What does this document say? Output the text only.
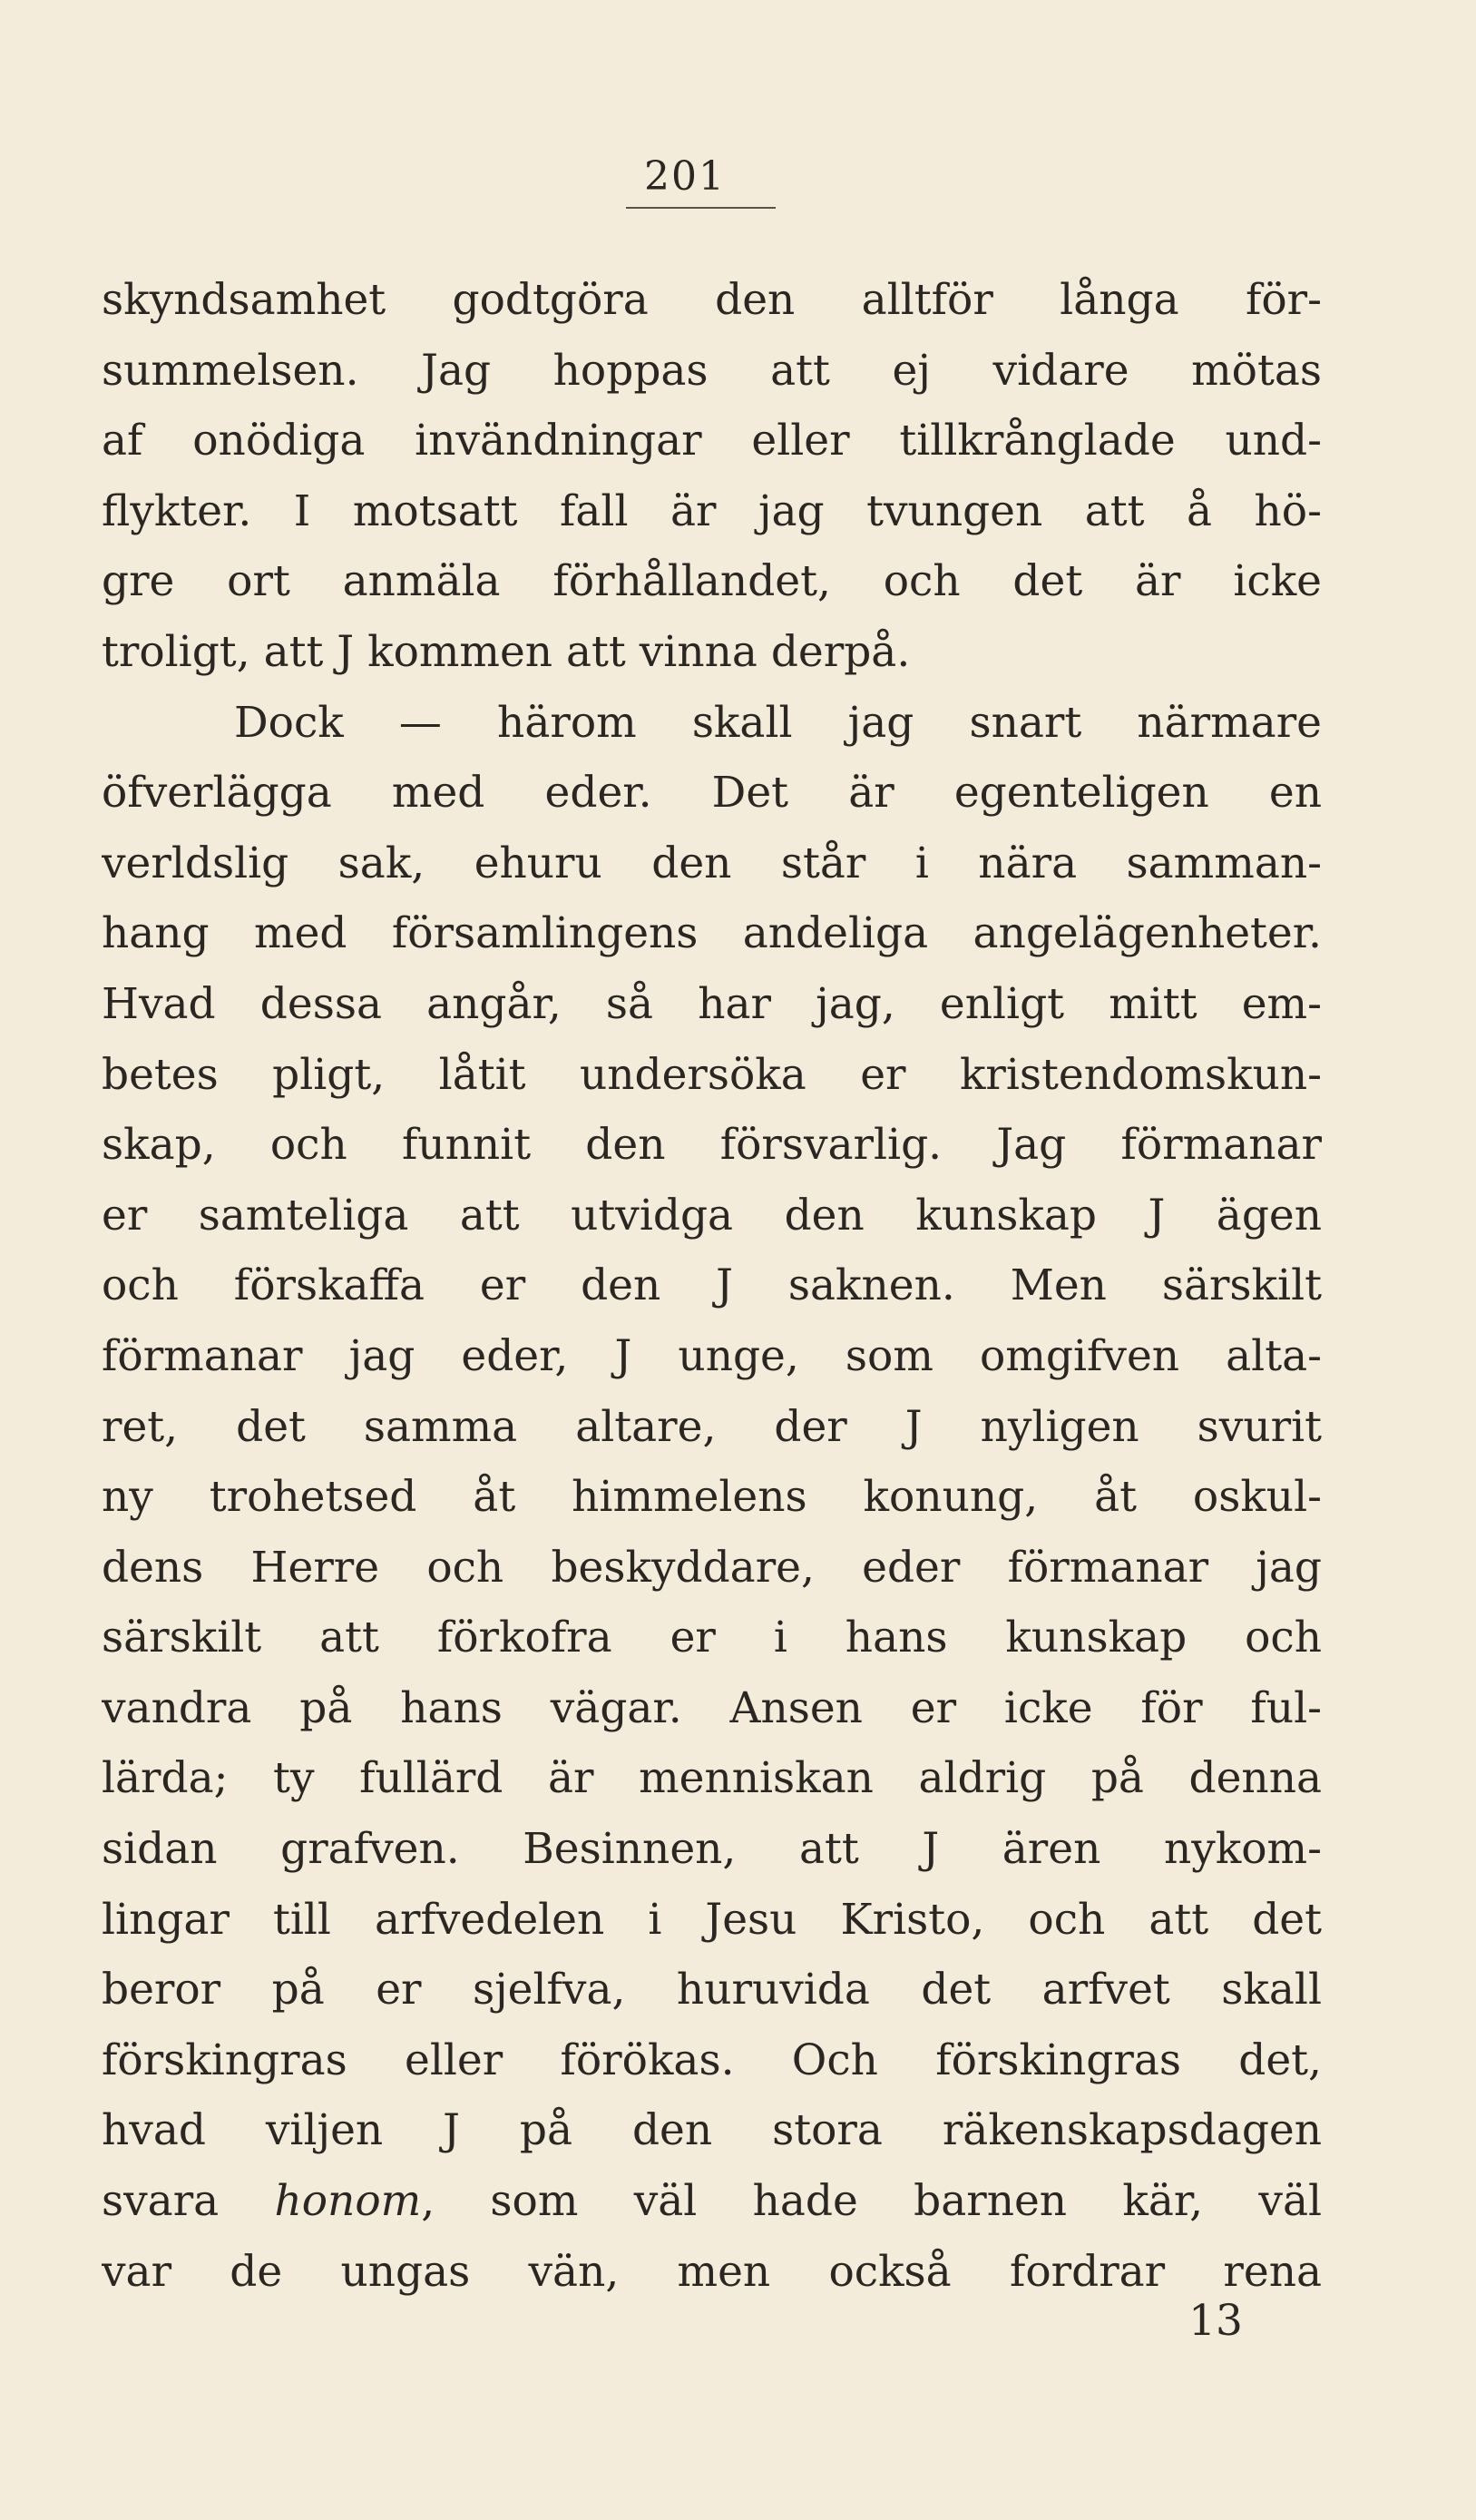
201
skyndsamhet godtgöra den alltför långa för-
summelsen. Jag hoppas att ej vidare mötas
af onödiga invändningar eller tillkrånglade und-
flykter. I motsatt fall är jag tvungen att å hö-
gre ort anmäla förhållandet, och det är icke
troligt, att J kommen att vinna derpå.
Dock — härom skall jag snart närmare
öfverlägga med eder. Det är egenteligen en
verldslig sak, ehuru den står i nära samman-
hang med församlingens andeliga angelägenheter.
Hvad dessa angår, så har jag, enligt mitt em-
betes pligt, låtit undersöka er kristendomskun-
skap, och funnit den försvarlig. Jag förmanar
er samteliga att utvidga den kunskap J ägen
och förskaffa er den J saknen. Men särskilt
förmanar jag eder, J unge, som omgifven alta-
ret, det samma altare, der J nyligen svurit
ny trohetsed åt himmelens konung, åt oskul-
dens Herre och beskyddare, eder förmanar jag
särskilt att förkofra er i hans kunskap och
vandra på hans vägar. Ansen er icke för ful-
lärda; ty fullärd är menniskan aldrig på denna
sidan grafven. Besinnen, att J ären nykom-
lingar till arfvedelen i Jesu Kristo, och att det
beror på er sjelfva, huruvida det arfvet skall
förskingras eller förökas. Och förskingras det,
hvad viljen J på den stora räkenskapsdagen
svara honom, som väl hade barnen kär, väl
var de ungas vän, men också fordrar rena
13
